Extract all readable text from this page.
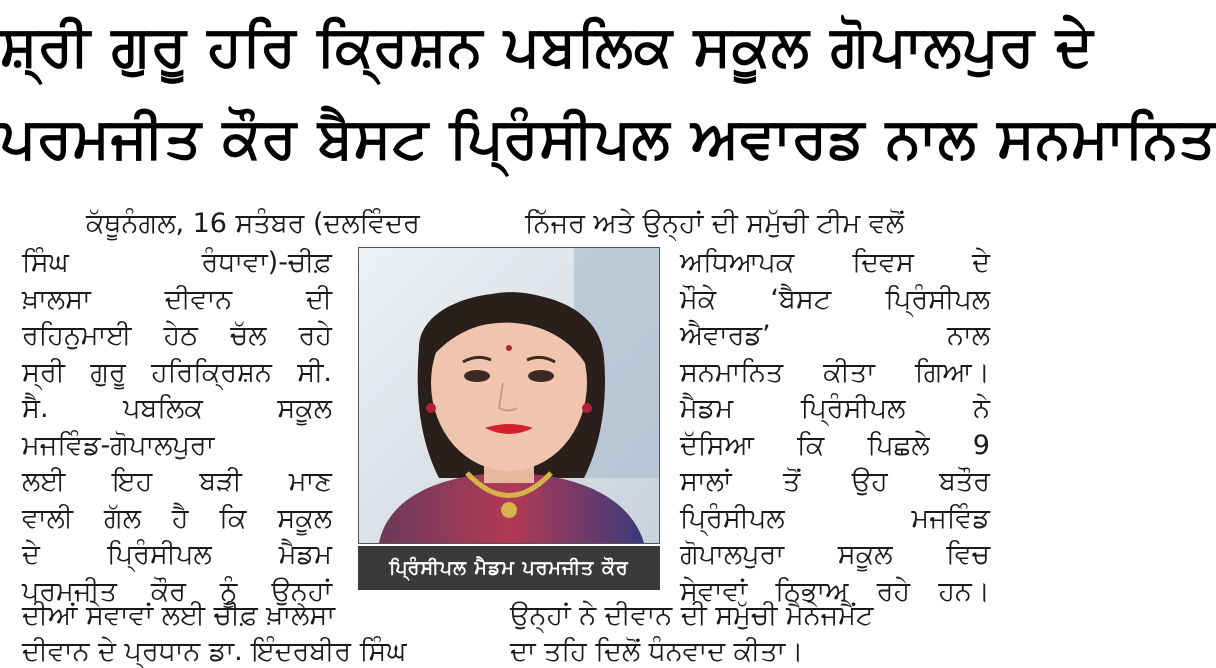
ਸ਼੍ਰੀ ਗੁਰੂ ਹਰਿ ਕ੍ਰਿਸ਼ਨ ਪਬਲਿਕ ਸਕੂਲ ਗੋਪਾਲਪੁਰ ਦੇ
ਪਰਮਜੀਤ ਕੌਰ ਬੈਸਟ ਪ੍ਰਿੰਸੀਪਲ ਅਵਾਰਡ ਨਾਲ ਸਨਮਾਨਿਤ
ਕੱਥੂਨੰਗਲ, 16 ਸਤੰਬਰ (ਦਲਵਿੰਦਰ	ਨਿੱਜਰ ਅਤੇ ਉਨ੍ਹਾਂ ਦੀ ਸਮੁੱਚੀ ਟੀਮ ਵਲੋਂ
ਸਿੰਘ ਰੰਧਾਵਾ)-ਚੀਫ਼
ਖ਼ਾਲਸਾ ਦੀਵਾਨ ਦੀ
ਰਹਿਨੁਮਾਈ ਹੇਠ ਚੱਲ ਰਹੇ
ਸ੍ਰੀ ਗੁਰੂ ਹਰਿਕ੍ਰਿਸ਼ਨ ਸੀ.
ਸੈ. ਪਬਲਿਕ ਸਕੂਲ
ਮਜਵਿੰਡ-ਗੋਪਾਲਪੁਰਾ
ਲਈ ਇਹ ਬੜੀ ਮਾਣ
ਵਾਲੀ ਗੱਲ ਹੈ ਕਿ ਸਕੂਲ
ਦੇ ਪ੍ਰਿੰਸੀਪਲ ਮੈਡਮ
ਪਰਮਜੀਤ ਕੌਰ ਨੂੰ ਉਨ੍ਹਾਂ
ਅਧਿਆਪਕ ਦਿਵਸ ਦੇ
ਮੌਕੇ ‘ਬੈਸਟ ਪ੍ਰਿੰਸੀਪਲ
ਐਵਾਰਡ’ ਨਾਲ
ਸਨਮਾਨਿਤ ਕੀਤਾ ਗਿਆ।
ਮੈਡਮ ਪ੍ਰਿੰਸੀਪਲ ਨੇ
ਦੱਸਿਆ ਕਿ ਪਿਛਲੇ 9
ਸਾਲਾਂ ਤੋਂ ਉਹ ਬਤੌਰ
ਪ੍ਰਿੰਸੀਪਲ ਮਜਵਿੰਡ
ਗੋਪਾਲਪੁਰਾ ਸਕੂਲ ਵਿਚ
ਸੇਵਾਵਾਂ ਨਿਭਾਅ ਰਹੇ ਹਨ।
ਪ੍ਰਿੰਸੀਪਲ ਮੈਡਮ ਪਰਮਜੀਤ ਕੌਰ
ਦੀਆਂ ਸੇਵਾਵਾਂ ਲਈ ਚੀਫ਼ ਖ਼ਾਲਸਾ	ਉਨ੍ਹਾਂ ਨੇ ਦੀਵਾਨ ਦੀ ਸਮੁੱਚੀ ਮੈਨੇਜਮੈਂਟ
ਦੀਵਾਨ ਦੇ ਪ੍ਰਧਾਨ ਡਾ. ਇੰਦਰਬੀਰ ਸਿੰਘ	ਦਾ ਤਹਿ ਦਿਲੋਂ ਧੰਨਵਾਦ ਕੀਤਾ।
